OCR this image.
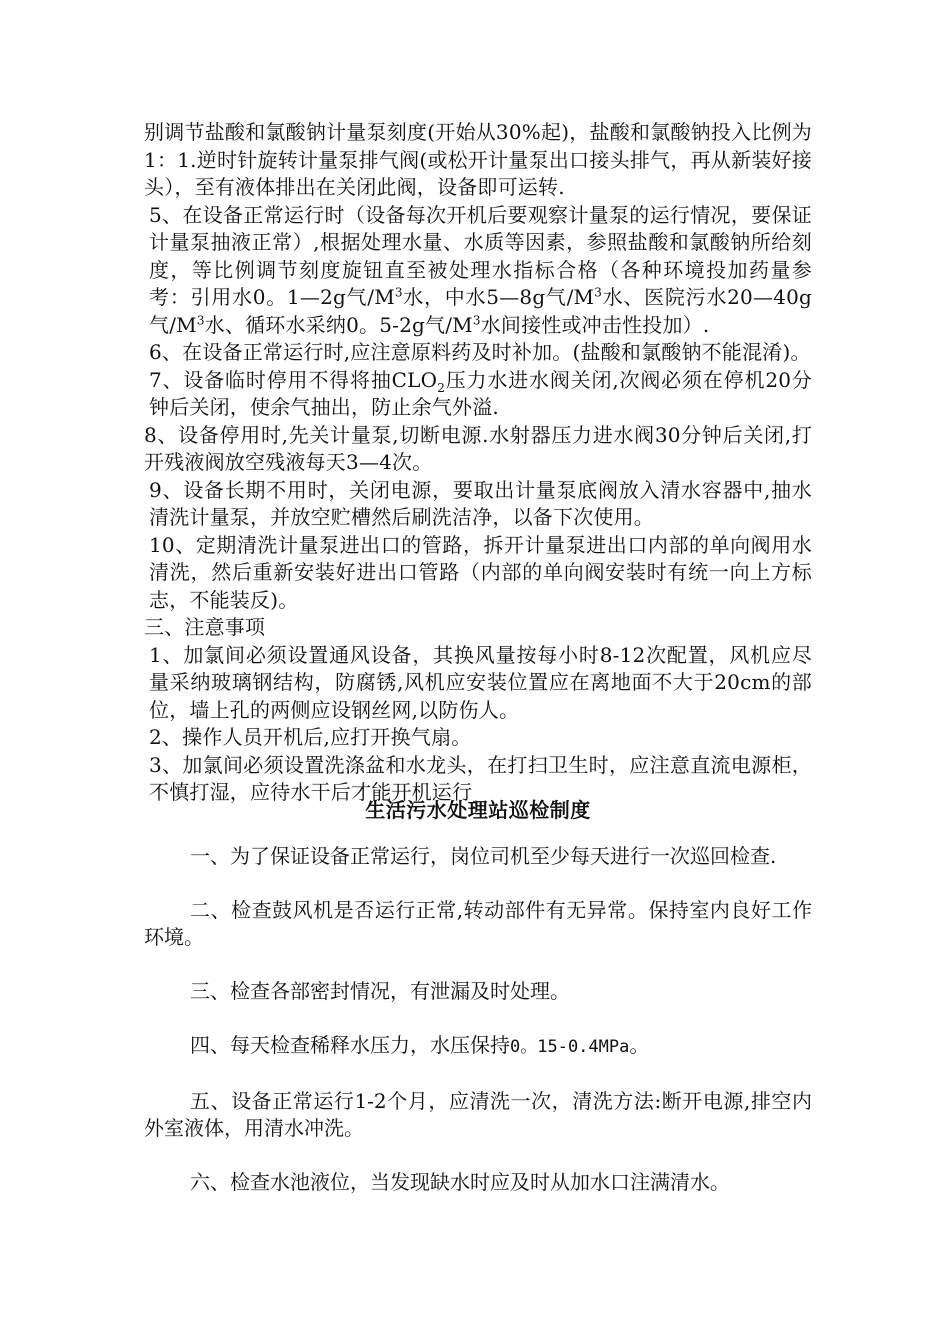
别调节盐酸和氯酸钠计量泵刻度(开始从30%起)，盐酸和氯酸钠投入比例为1：1.逆时针旋转计量泵排气阀(或松开计量泵出口接头排气，再从新装好接头），至有液体排出在关闭此阀，设备即可运转.

5、在设备正常运行时（设备每次开机后要观察计量泵的运行情况，要保证计量泵抽液正常）,根据处理水量、水质等因素，参照盐酸和氯酸钠所给刻度，等比例调节刻度旋钮直至被处理水指标合格（各种环境投加药量参考：引用水0。1—2g气$/M^3$水，中水5—8g气$/M^3$水、医院污水20—40g气$/M^3$水、循环水采纳0。5-2g气$/M^3$水间接性或冲击性投加）.

6、在设备正常运行时,应注意原料药及时补加。(盐酸和氯酸钠不能混淆)。

7、设备临时停用不得将抽$CLO_2$压力水进水阀关闭,次阀必须在停机20分钟后关闭，使余气抽出，防止余气外溢.

8、设备停用时,先关计量泵,切断电源.水射器压力进水阀30分钟后关闭,打开残液阀放空残液每天3—4次。

9、设备长期不用时，关闭电源，要取出计量泵底阀放入清水容器中,抽水清洗计量泵，并放空贮槽然后刷洗洁净，以备下次使用。

10、定期清洗计量泵进出口的管路，拆开计量泵进出口内部的单向阀用水清洗，然后重新安装好进出口管路（内部的单向阀安装时有统一向上方标志，不能装反)。

三、注意事项

1、加氯间必须设置通风设备，其换风量按每小时8-12次配置，风机应尽量采纳玻璃钢结构，防腐锈,风机应安装位置应在离地面不大于20cm的部位，墙上孔的两侧应设钢丝网,以防伤人。

2、操作人员开机后,应打开换气扇。

3、加氯间必须设置洗涤盆和水龙头，在打扫卫生时，应注意直流电源柜，不慎打湿，应待水干后才能开机运行

生活污水处理站巡检制度

一、为了保证设备正常运行，岗位司机至少每天进行一次巡回检查.

二、检查鼓风机是否运行正常,转动部件有无异常。保持室内良好工作环境。

三、检查各部密封情况，有泄漏及时处理。

四、每天检查稀释水压力，水压保持0。15-0.4MPa。

五、设备正常运行1-2个月，应清洗一次，清洗方法:断开电源,排空内外室液体，用清水冲洗。

六、检查水池液位，当发现缺水时应及时从加水口注满清水。
